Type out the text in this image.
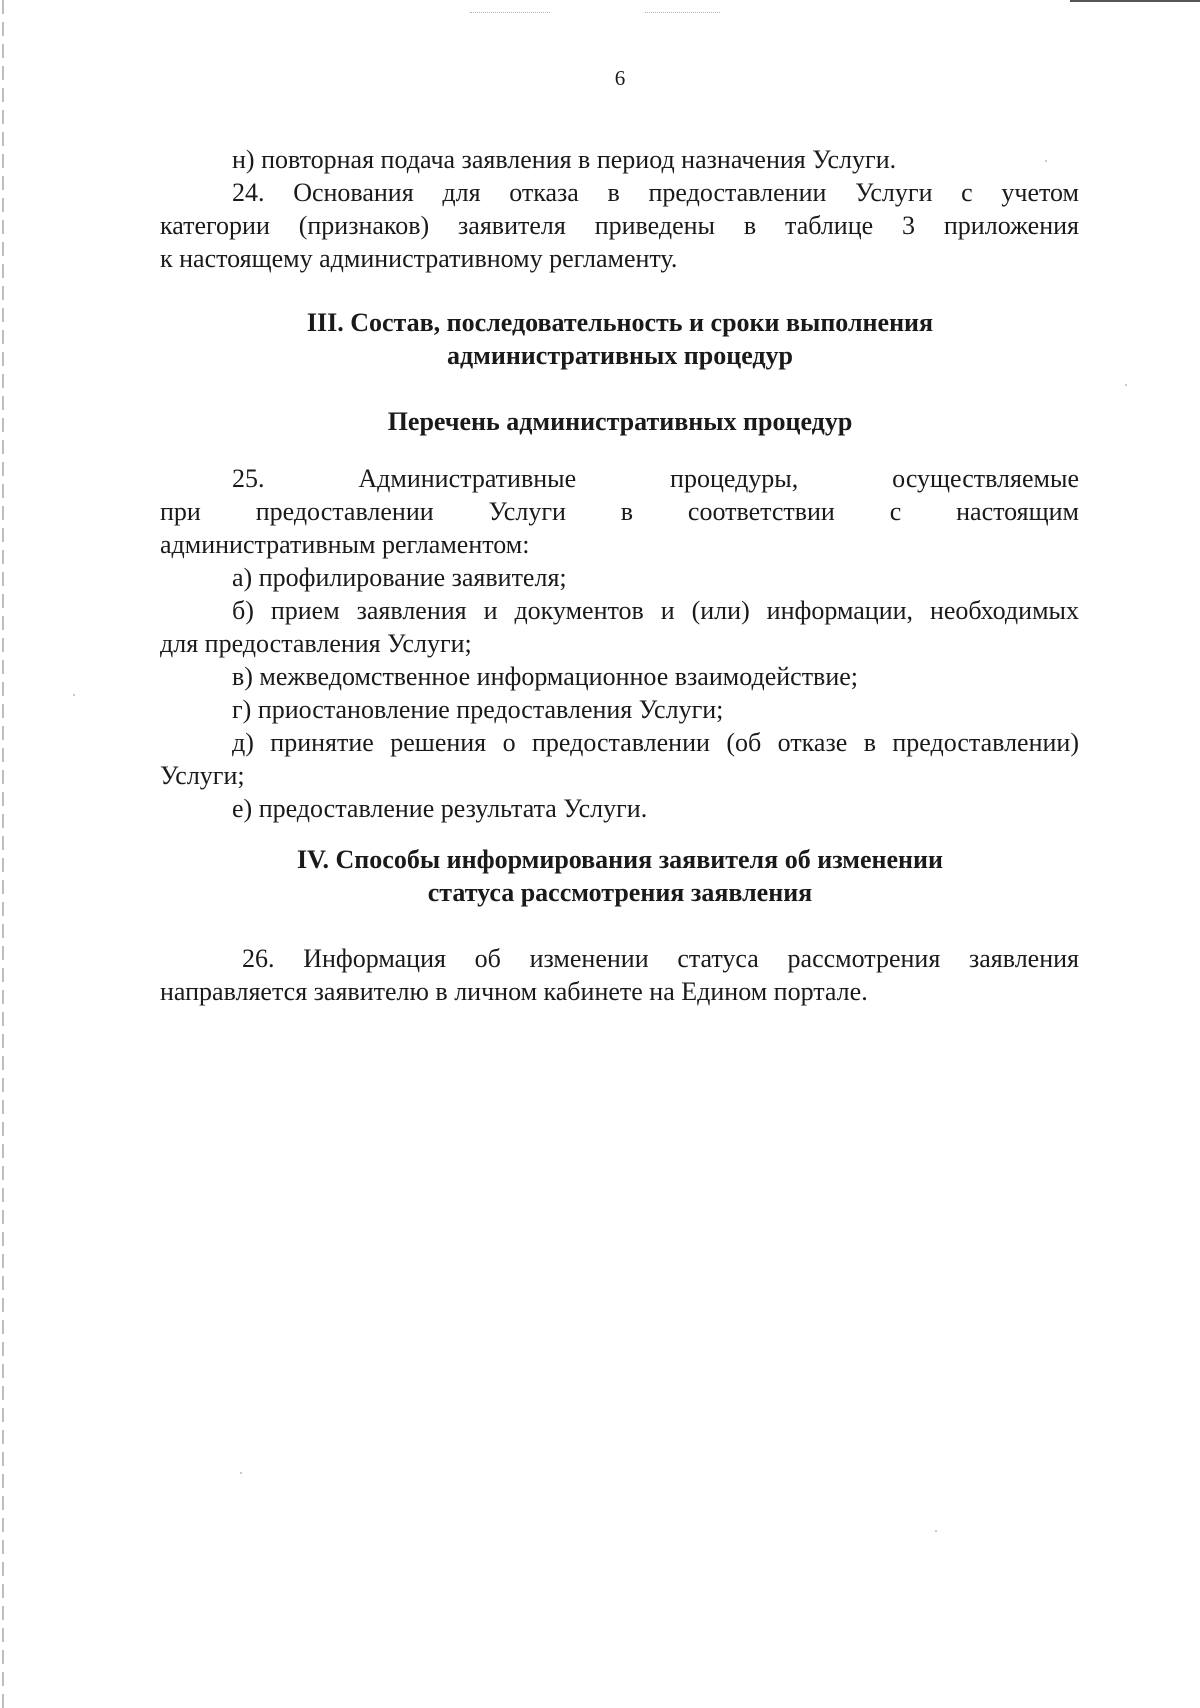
6
н) повторная подача заявления в период назначения Услуги.
24. Основания для отказа в предоставлении Услуги с учетом
категории (признаков) заявителя приведены в таблице 3 приложения
к настоящему административному регламенту.
III. Состав, последовательность и сроки выполнения
административных процедур
Перечень административных процедур
25. Административные процедуры, осуществляемые
при предоставлении Услуги в соответствии с настоящим
административным регламентом:
а) профилирование заявителя;
б) прием заявления и документов и (или) информации, необходимых
для предоставления Услуги;
в) межведомственное информационное взаимодействие;
г) приостановление предоставления Услуги;
д) принятие решения о предоставлении (об отказе в предоставлении)
Услуги;
е) предоставление результата Услуги.
IV. Способы информирования заявителя об изменении
статуса рассмотрения заявления
26. Информация об изменении статуса рассмотрения заявления
направляется заявителю в личном кабинете на Едином портале.
